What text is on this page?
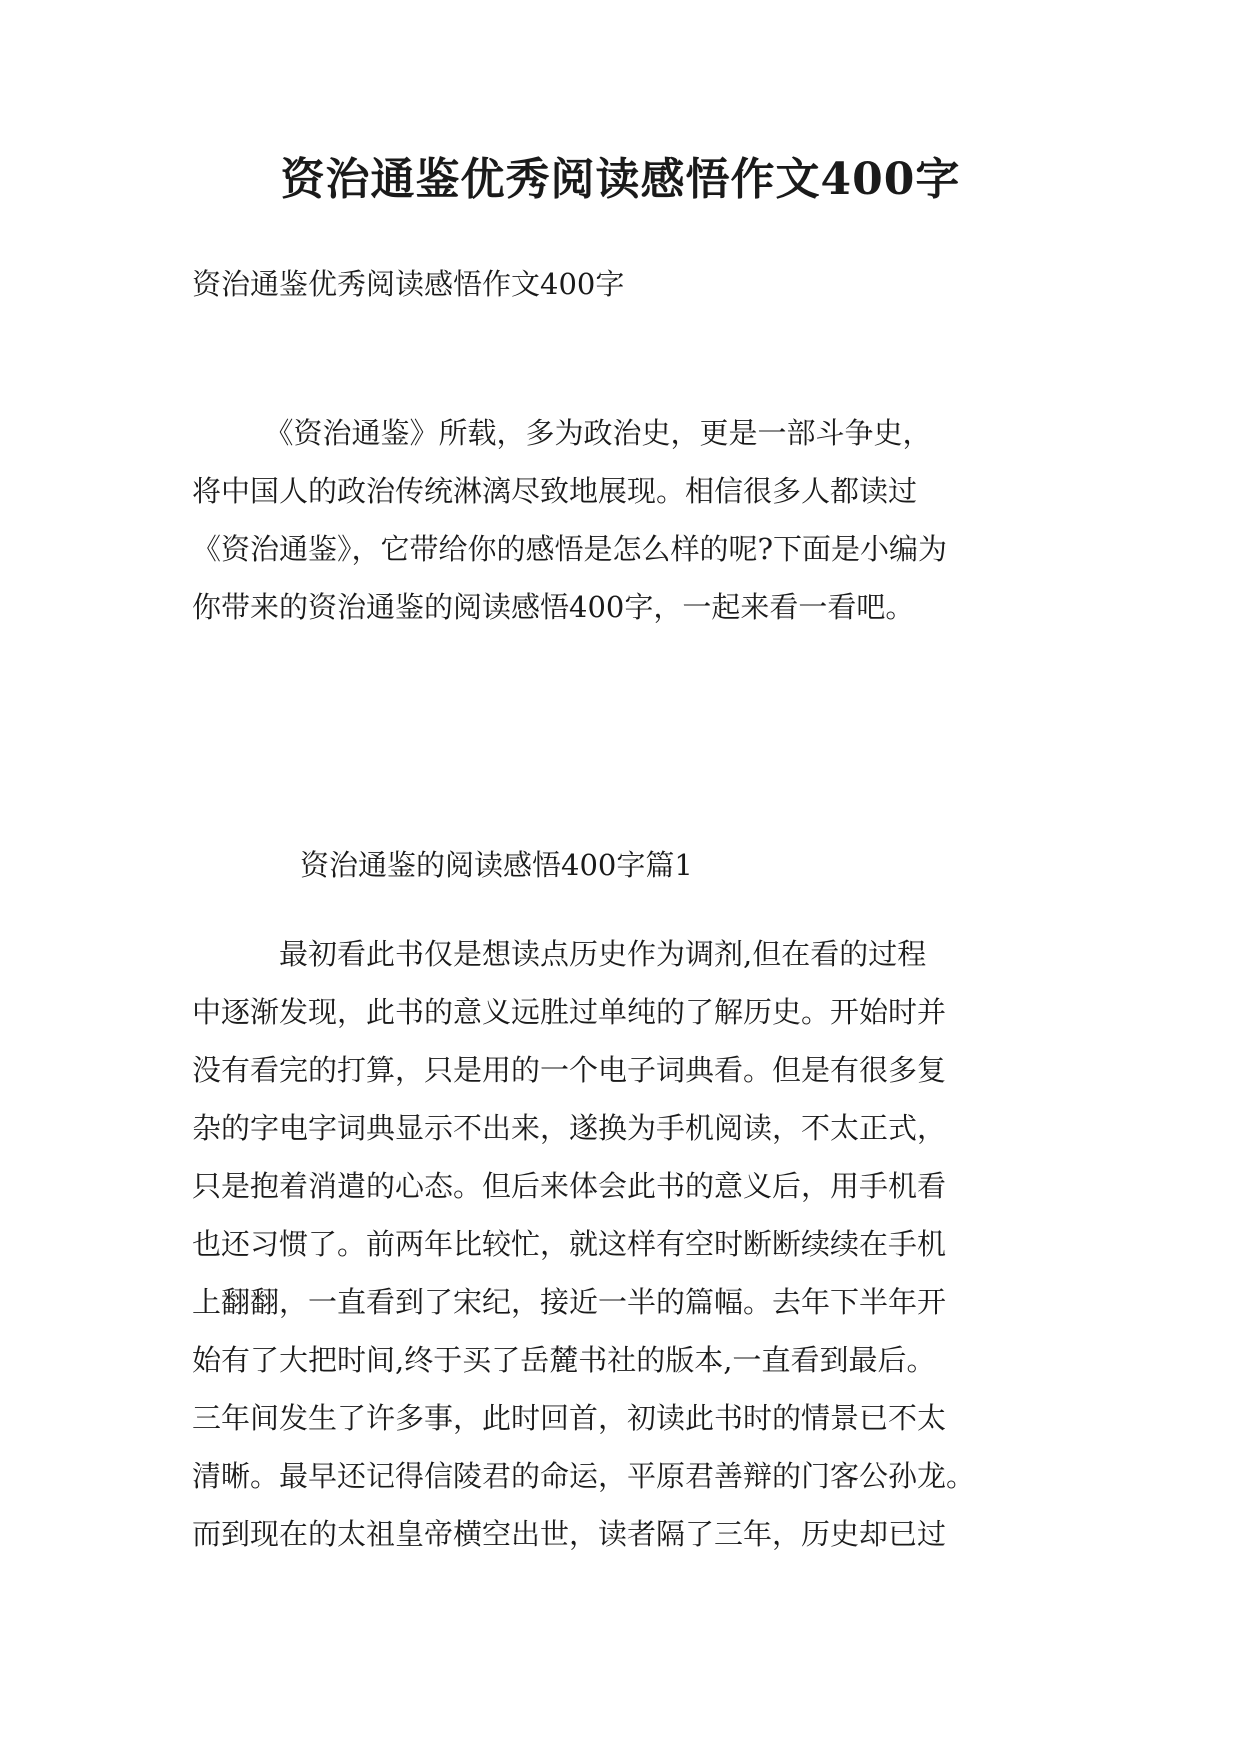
资治通鉴优秀阅读感悟作文400字
资治通鉴优秀阅读感悟作文400字
　　　《资治通鉴》所载，多为政治史，更是一部斗争史，
将中国人的政治传统淋漓尽致地展现。相信很多人都读过
《资治通鉴》，它带给你的感悟是怎么样的呢?下面是小编为
你带来的资治通鉴的阅读感悟400字，一起来看一看吧。
资治通鉴的阅读感悟400字篇1
　　　最初看此书仅是想读点历史作为调剂,但在看的过程
中逐渐发现，此书的意义远胜过单纯的了解历史。开始时并
没有看完的打算，只是用的一个电子词典看。但是有很多复
杂的字电字词典显示不出来，遂换为手机阅读，不太正式，
只是抱着消遣的心态。但后来体会此书的意义后，用手机看
也还习惯了。前两年比较忙，就这样有空时断断续续在手机
上翻翻，一直看到了宋纪，接近一半的篇幅。去年下半年开
始有了大把时间,终于买了岳麓书社的版本,一直看到最后。
三年间发生了许多事，此时回首，初读此书时的情景已不太
清晰。最早还记得信陵君的命运，平原君善辩的门客公孙龙。
而到现在的太祖皇帝横空出世，读者隔了三年，历史却已过
